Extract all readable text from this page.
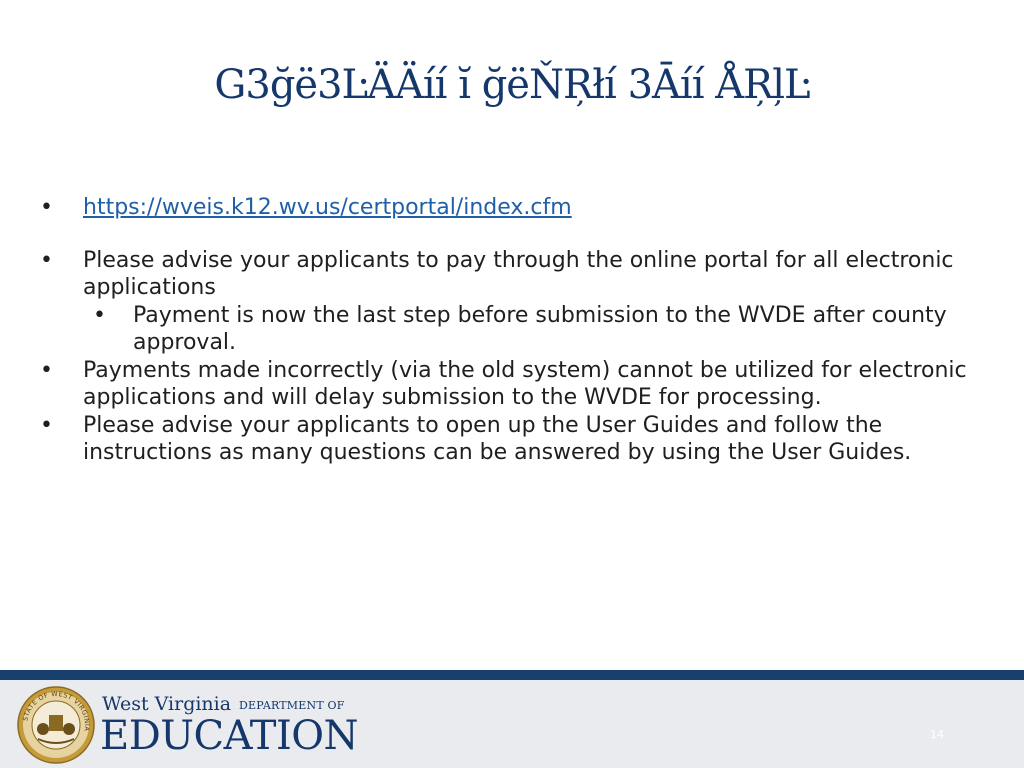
G3ğë3ĿÄÄíí ĭ ğëŇŖłí 3Āíí ÅŖļĿ
•	https://wveis.k12.wv.us/certportal/index.cfm
•	Please advise your applicants to pay through the online portal for all electronic applications
•	Payment is now the last step before submission to the WVDE after county approval.
•	Payments made incorrectly (via the old system) cannot be utilized for electronic applications and will delay submission to the WVDE for processing.
•	Please advise your applicants to open up the User Guides and follow the instructions as many questions can be answered by using the User Guides.
STATE OF WEST VIRGINIA
West Virginia DEPARTMENT OF
EDUCATION	14
